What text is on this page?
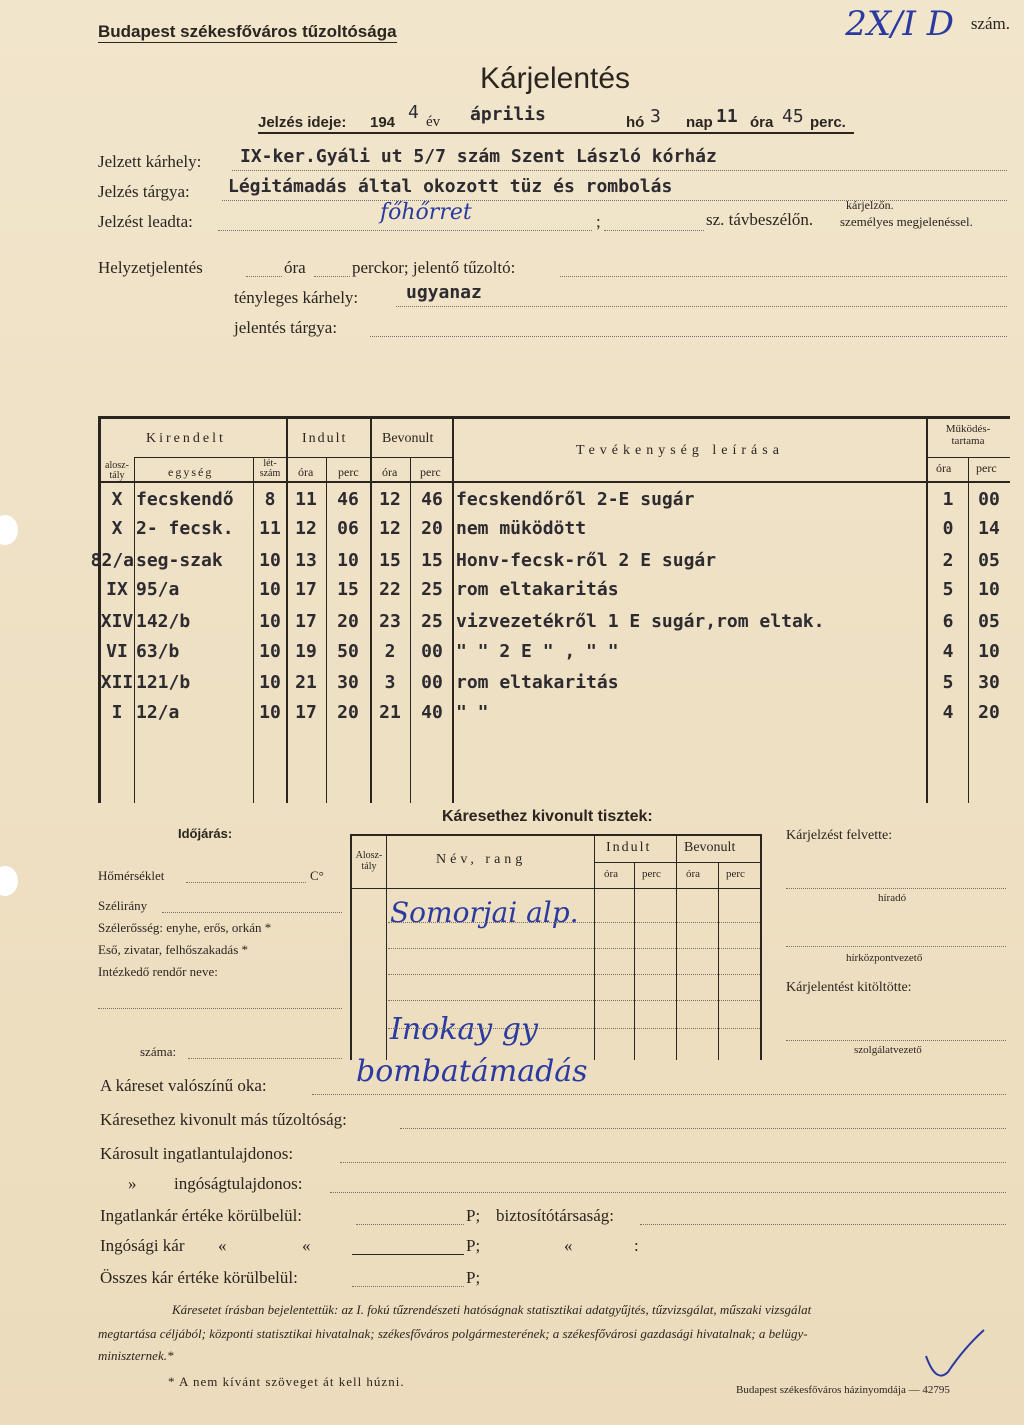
Budapest székesfőváros tűzoltósága	2X/I D szám.
Kárjelentés
Jelzés ideje: 194 4 év április	hó 3 nap 11 óra 45 perc.
Jelzett kárhely: IX-ker.Gyáli ut 5/7 szám Szent László kórház
Jelzés tárgya: Légitámadás által okozott tüz és rombolás
Jelzést leadta:	főhőrret	;	sz. távbeszélőn.
kárjelzőn.
személyes megjelenéssel.
Helyzetjelentés	óra	perckor; jelentő tűzoltó:
tényleges kárhely:	ugyanaz
jelentés tárgya:
Kirendelt	Indult Bevonult
Tevékenység leírása
Működés-tartama
alosz-tály	egység
lét-szám	óra perc óra perc	óra perc
X fecskendő	8	11	46	12	46 fecskendőről 2-E sugár	1	00
X 2- fecsk.	11 12	06	12	20 nem müködött	0	14
82/a seg-szak	10 13	10	15	15 Honv-fecsk-ről 2 E sugár	2	05
IX 95/a	10 17	15	22	25 rom eltakaritás	5	10
XIV 142/b	10 17	20	23	25 vizvezetékről 1 E sugár,rom eltak.	6	05
VI 63/b	10 19	50	2	00 " " 2 E " , " "	4	10
XII 121/b	10 21	30	3	00 rom eltakaritás	5	30
I 12/a	10 17	20	21	40 " "	4	20
Időjárás:
Hőmérséklet	C°
Szélirány
Szélerősség: enyhe, erős, orkán *
Eső, zivatar, felhőszakadás *
Intézkedő rendőr neve:
száma:
Káresethez kivonult tisztek:
Alosz-tály	Név, rang
Indult Bevonult
óra perc óra perc
Somorjai alp.
Inokay gy
Kárjelzést felvette:
híradó
hírközpontvezető
Kárjelentést kitöltötte:
szolgálatvezető
A káreset valószínű oka:	bombatámadás
Káresethez kivonult más tűzoltóság:
Károsult ingatlantulajdonos:
» ingóságtulajdonos:
Ingatlankár értéke körülbelül:	P; biztosítótársaság:
Ingósági kár «	«	P;	«	:
Összes kár értéke körülbelül:	P;
Káresetet írásban bejelentettük: az I. fokú tűzrendészeti hatóságnak statisztikai adatgyűjtés, tűzvizsgálat, műszaki vizsgálat
megtartása céljából; központi statisztikai hivatalnak; székesfőváros polgármesterének; a székesfővárosi gazdasági hivatalnak; a belügy-
miniszternek.*
* A nem kívánt szöveget át kell húzni.
Budapest székesfőváros házinyomdája — 42795
